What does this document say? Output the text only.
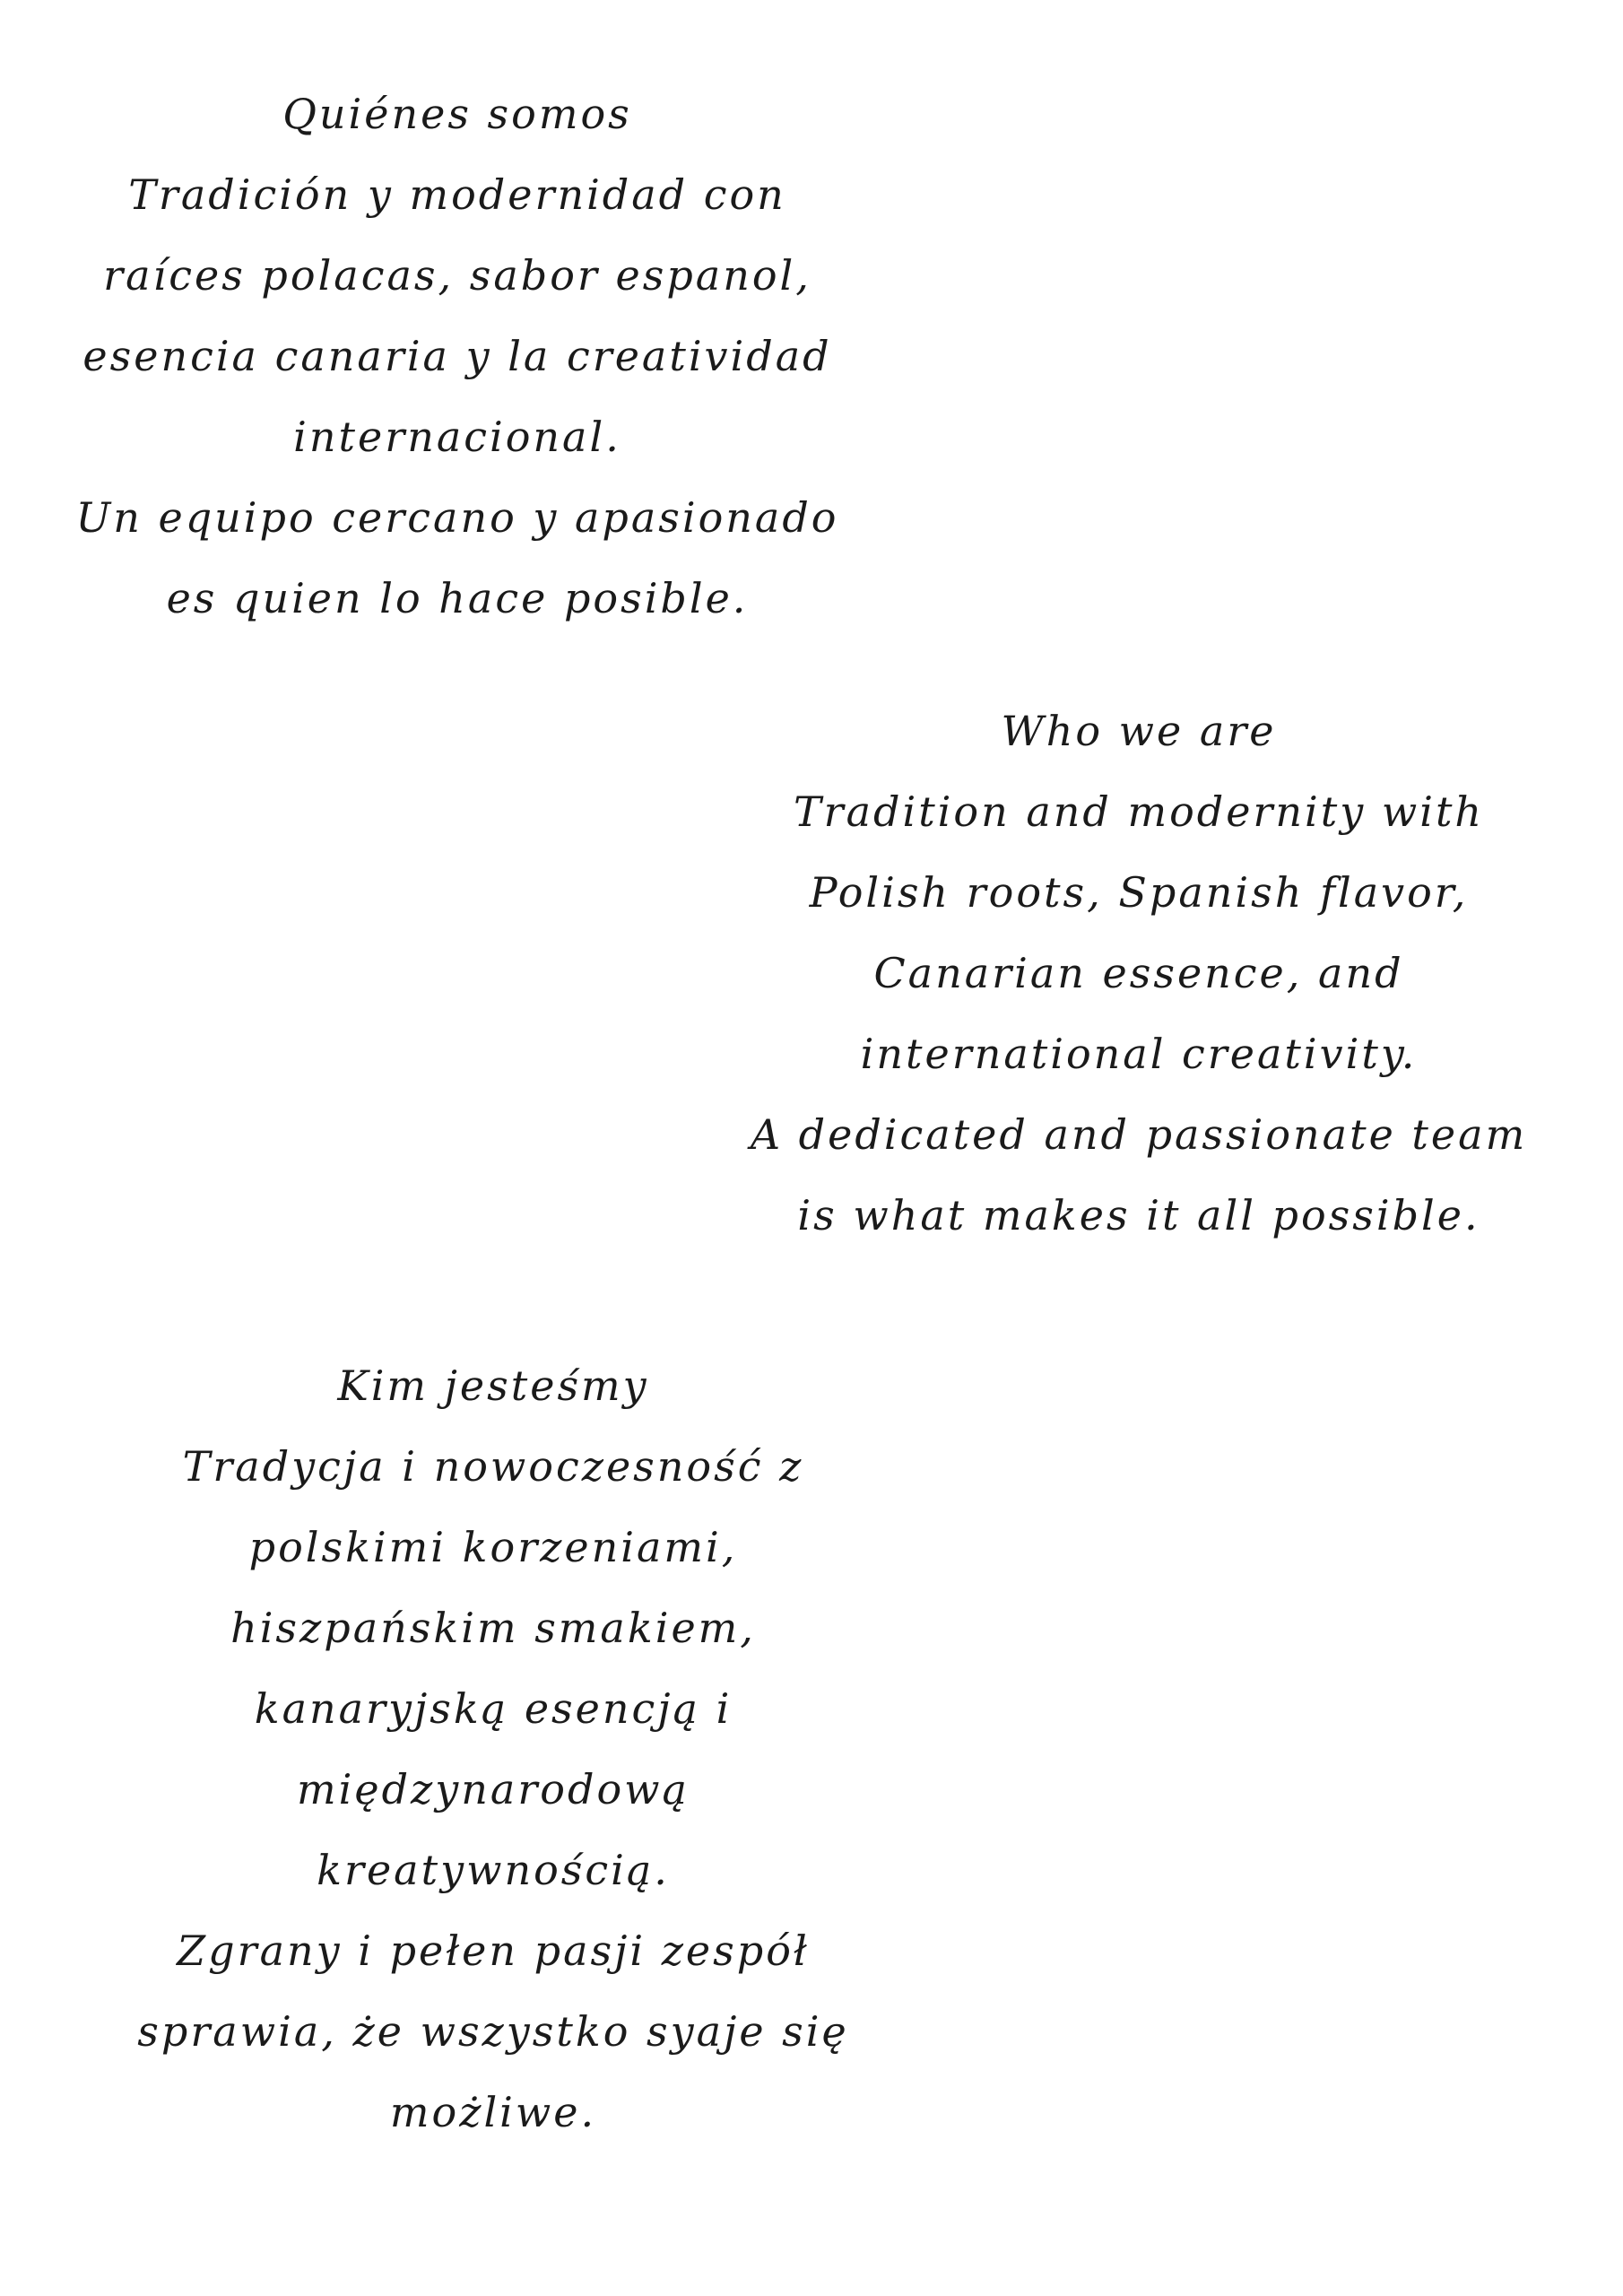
Quiénes somos
Tradición y modernidad con
raíces polacas, sabor espanol,
esencia canaria y la creatividad
internacional.
Un equipo cercano y apasionado
es quien lo hace posible.
Who we are
Tradition and modernity with
Polish roots, Spanish flavor,
Canarian essence, and
international creativity.
A dedicated and passionate team
is what makes it all possible.
Kim jesteśmy
Tradycja i nowoczesność z
polskimi korzeniami,
hiszpańskim smakiem,
kanaryjską esencją i
międzynarodową
kreatywnością.
Zgrany i pełen pasji zespół
sprawia, że wszystko syaje się
możliwe.
